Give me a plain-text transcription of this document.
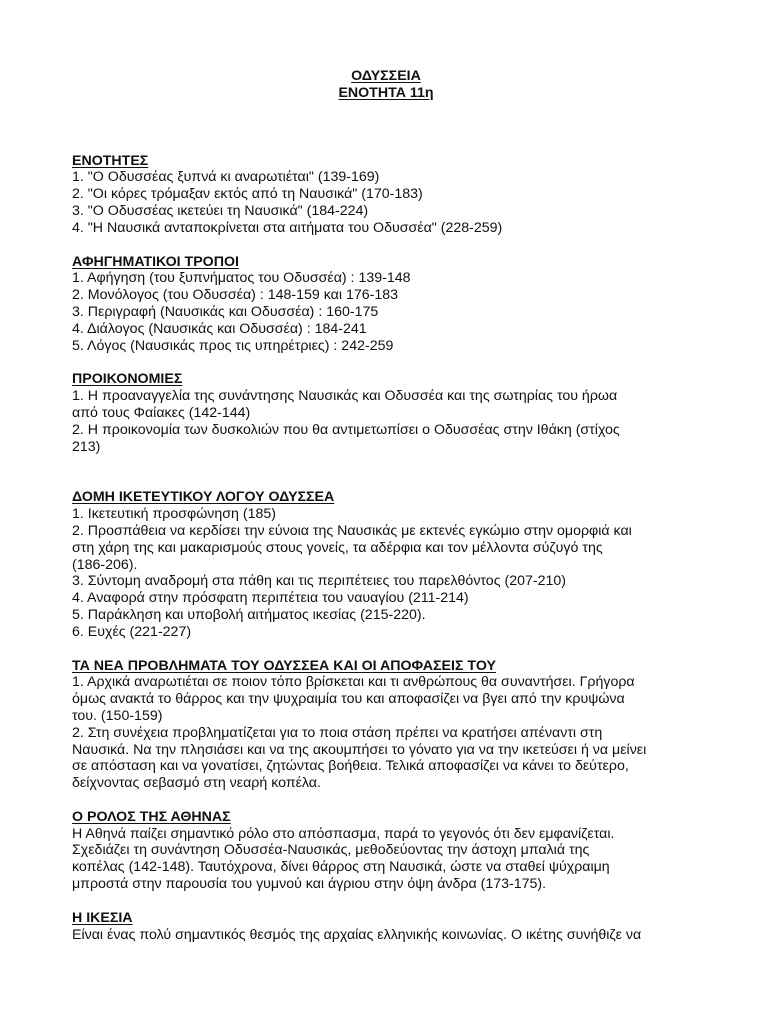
ΟΔΥΣΣΕΙΑ
ΕΝΟΤΗΤΑ 11η
ΕΝΟΤΗΤΕΣ
1. "Ο Οδυσσέας ξυπνά κι αναρωτιέται" (139-169)
2. "Οι κόρες τρόμαξαν εκτός από τη Ναυσικά" (170-183)
3. "Ο Οδυσσέας ικετεύει τη Ναυσικά" (184-224)
4. "Η Ναυσικά ανταποκρίνεται στα αιτήματα του Οδυσσέα" (228-259)
ΑΦΗΓΗΜΑΤΙΚΟΙ ΤΡΟΠΟΙ
1. Αφήγηση (του ξυπνήματος του Οδυσσέα) : 139-148
2. Μονόλογος (του Οδυσσέα) : 148-159 και 176-183
3. Περιγραφή (Ναυσικάς και Οδυσσέα) : 160-175
4. Διάλογος (Ναυσικάς και Οδυσσέα) : 184-241
5. Λόγος (Ναυσικάς προς τις υπηρέτριες) : 242-259
ΠΡΟΙΚΟΝΟΜΙΕΣ
1. Η προαναγγελία της συνάντησης Ναυσικάς και Οδυσσέα και της σωτηρίας του ήρωα
από τους Φαίακες (142-144)
2. Η προικονομία των δυσκολιών που θα αντιμετωπίσει ο Οδυσσέας στην Ιθάκη (στίχος
213)
ΔΟΜΗ ΙΚΕΤΕΥΤΙΚΟΥ ΛΟΓΟΥ ΟΔΥΣΣΕΑ
1. Ικετευτική προσφώνηση (185)
2. Προσπάθεια να κερδίσει την εύνοια της Ναυσικάς με εκτενές εγκώμιο στην ομορφιά και
στη χάρη της και μακαρισμούς στους γονείς, τα αδέρφια και τον μέλλοντα σύζυγό της
(186-206).
3. Σύντομη αναδρομή στα πάθη και τις περιπέτειες του παρελθόντος (207-210)
4. Αναφορά στην πρόσφατη περιπέτεια του ναυαγίου (211-214)
5. Παράκληση και υποβολή αιτήματος ικεσίας (215-220).
6. Ευχές (221-227)
ΤΑ ΝΕΑ ΠΡΟΒΛΗΜΑΤΑ ΤΟΥ ΟΔΥΣΣΕΑ ΚΑΙ ΟΙ ΑΠΟΦΑΣΕΙΣ ΤΟΥ
1. Αρχικά αναρωτιέται σε ποιον τόπο βρίσκεται και τι ανθρώπους θα συναντήσει. Γρήγορα
όμως ανακτά το θάρρος και την ψυχραιμία του και αποφασίζει να βγει από την κρυψώνα
του. (150-159)
2. Στη συνέχεια προβληματίζεται για το ποια στάση πρέπει να κρατήσει απέναντι στη
Ναυσικά. Να την πλησιάσει και να της ακουμπήσει το γόνατο για να την ικετεύσει ή να μείνει
σε απόσταση και να γονατίσει, ζητώντας βοήθεια. Τελικά αποφασίζει να κάνει το δεύτερο,
δείχνοντας σεβασμό στη νεαρή κοπέλα.
Ο ΡΟΛΟΣ ΤΗΣ ΑΘΗΝΑΣ
Η Αθηνά παίζει σημαντικό ρόλο στο απόσπασμα, παρά το γεγονός ότι δεν εμφανίζεται.
Σχεδιάζει τη συνάντηση Οδυσσέα-Ναυσικάς, μεθοδεύοντας την άστοχη μπαλιά της
κοπέλας (142-148). Ταυτόχρονα, δίνει θάρρος στη Ναυσικά, ώστε να σταθεί ψύχραιμη
μπροστά στην παρουσία του γυμνού και άγριου στην όψη άνδρα (173-175).
Η ΙΚΕΣΙΑ
Είναι ένας πολύ σημαντικός θεσμός της αρχαίας ελληνικής κοινωνίας. Ο ικέτης συνήθιζε να
